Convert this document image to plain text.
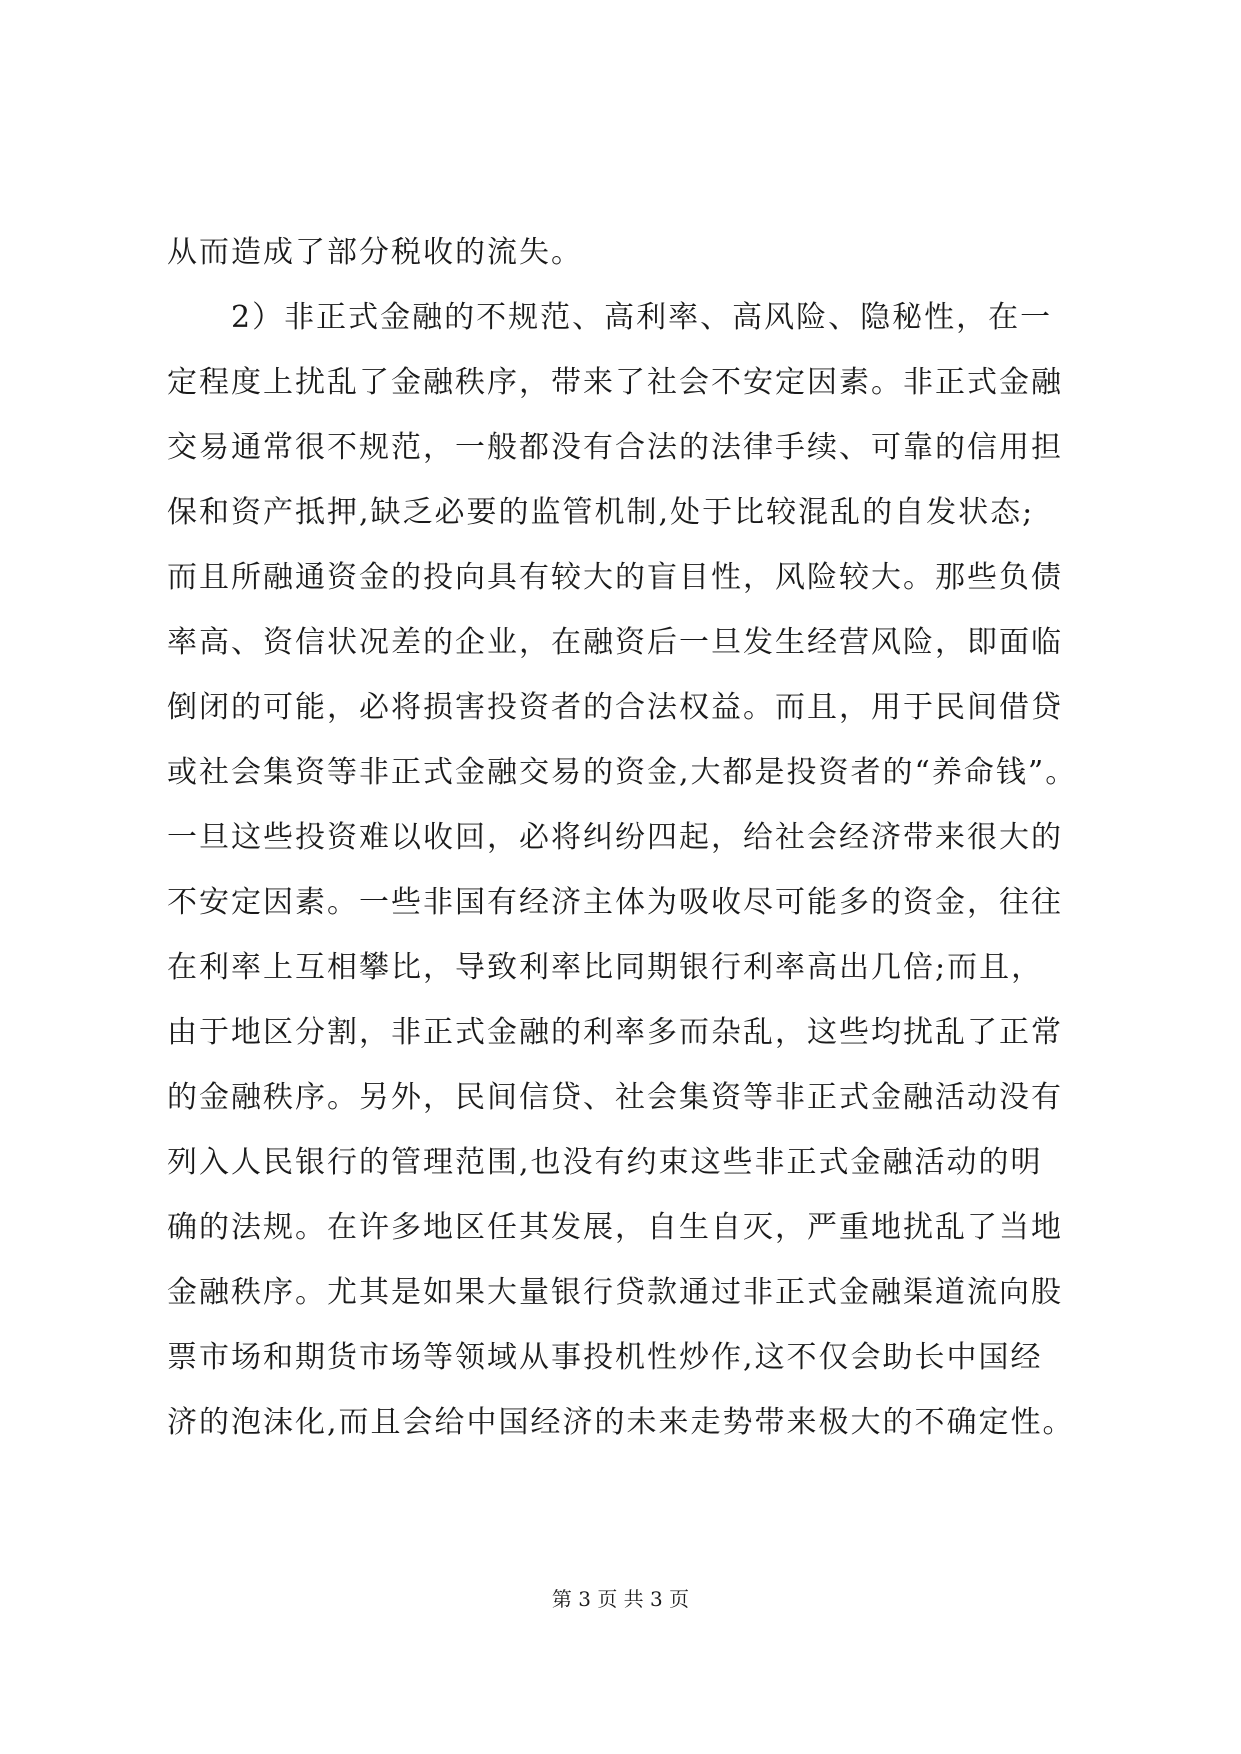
从而造成了部分税收的流失。
　　2）非正式金融的不规范、高利率、高风险、隐秘性，在一
定程度上扰乱了金融秩序，带来了社会不安定因素。非正式金融
交易通常很不规范，一般都没有合法的法律手续、可靠的信用担
保和资产抵押,缺乏必要的监管机制,处于比较混乱的自发状态;
而且所融通资金的投向具有较大的盲目性，风险较大。那些负债
率高、资信状况差的企业，在融资后一旦发生经营风险，即面临
倒闭的可能，必将损害投资者的合法权益。而且，用于民间借贷
或社会集资等非正式金融交易的资金,大都是投资者的“养命钱”。
一旦这些投资难以收回，必将纠纷四起，给社会经济带来很大的
不安定因素。一些非国有经济主体为吸收尽可能多的资金，往往
在利率上互相攀比，导致利率比同期银行利率高出几倍;而且，
由于地区分割，非正式金融的利率多而杂乱，这些均扰乱了正常
的金融秩序。另外，民间信贷、社会集资等非正式金融活动没有
列入人民银行的管理范围,也没有约束这些非正式金融活动的明
确的法规。在许多地区任其发展，自生自灭，严重地扰乱了当地
金融秩序。尤其是如果大量银行贷款通过非正式金融渠道流向股
票市场和期货市场等领域从事投机性炒作,这不仅会助长中国经
济的泡沫化,而且会给中国经济的未来走势带来极大的不确定性。
第 3 页 共 3 页
